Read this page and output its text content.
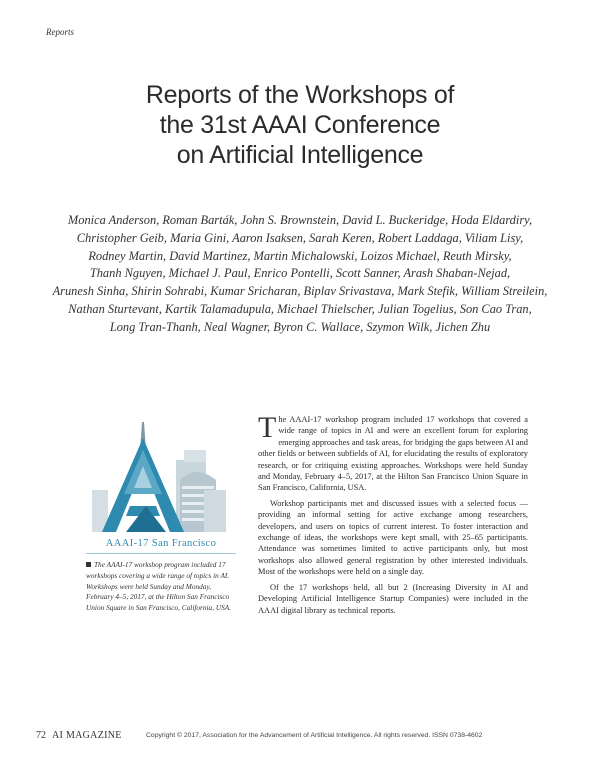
Reports
Reports of the Workshops of
the 31st AAAI Conference
on Artificial Intelligence
Monica Anderson, Roman Barták, John S. Brownstein, David L. Buckeridge, Hoda Eldardiry,
Christopher Geib, Maria Gini, Aaron Isaksen, Sarah Keren, Robert Laddaga, Viliam Lisy,
Rodney Martin, David Martinez, Martin Michalowski, Loizos Michael, Reuth Mirsky,
Thanh Nguyen, Michael J. Paul, Enrico Pontelli, Scott Sanner, Arash Shaban-Nejad,
Arunesh Sinha, Shirin Sohrabi, Kumar Sricharan, Biplav Srivastava, Mark Stefik, William Streilein,
Nathan Sturtevant, Kartik Talamadupula, Michael Thielscher, Julian Togelius, Son Cao Tran,
Long Tran-Thanh, Neal Wagner, Byron C. Wallace, Szymon Wilk, Jichen Zhu
AAAI-17 San Francisco
The AAAI-17 workshop program included 17 workshops covering a wide range of topics in AI. Workshops were held Sunday and Monday, February 4–5, 2017, at the Hilton San Francisco Union Square in San Francisco, California, USA.

The AAAI-17 workshop program included 17 workshops that covered a wide range of topics in AI and were an excellent forum for exploring emerging approaches and task areas, for bridging the gaps between AI and other fields or between subfields of AI, for elucidating the results of exploratory research, or for critiquing existing approaches. Workshops were held Sunday and Monday, February 4–5, 2017, at the Hilton San Francisco Union Square in San Francisco, California, USA.

Workshop participants met and discussed issues with a selected focus — providing an informal setting for active exchange among researchers, developers, and users on topics of current interest. To foster interaction and exchange of ideas, the workshops were kept small, with 25–65 participants. Attendance was sometimes limited to active participants only, but most workshops also allowed general registration by other interested individuals. Most of the workshops were held on a single day.

Of the 17 workshops held, all but 2 (Increasing Diversity in AI and Developing Artificial Intelligence Startup Companies) were included in the AAAI digital library as technical reports.

72 AI MAGAZINE	Copyright © 2017, Association for the Advancement of Artificial Intelligence. All rights reserved. ISSN 0738-4602
